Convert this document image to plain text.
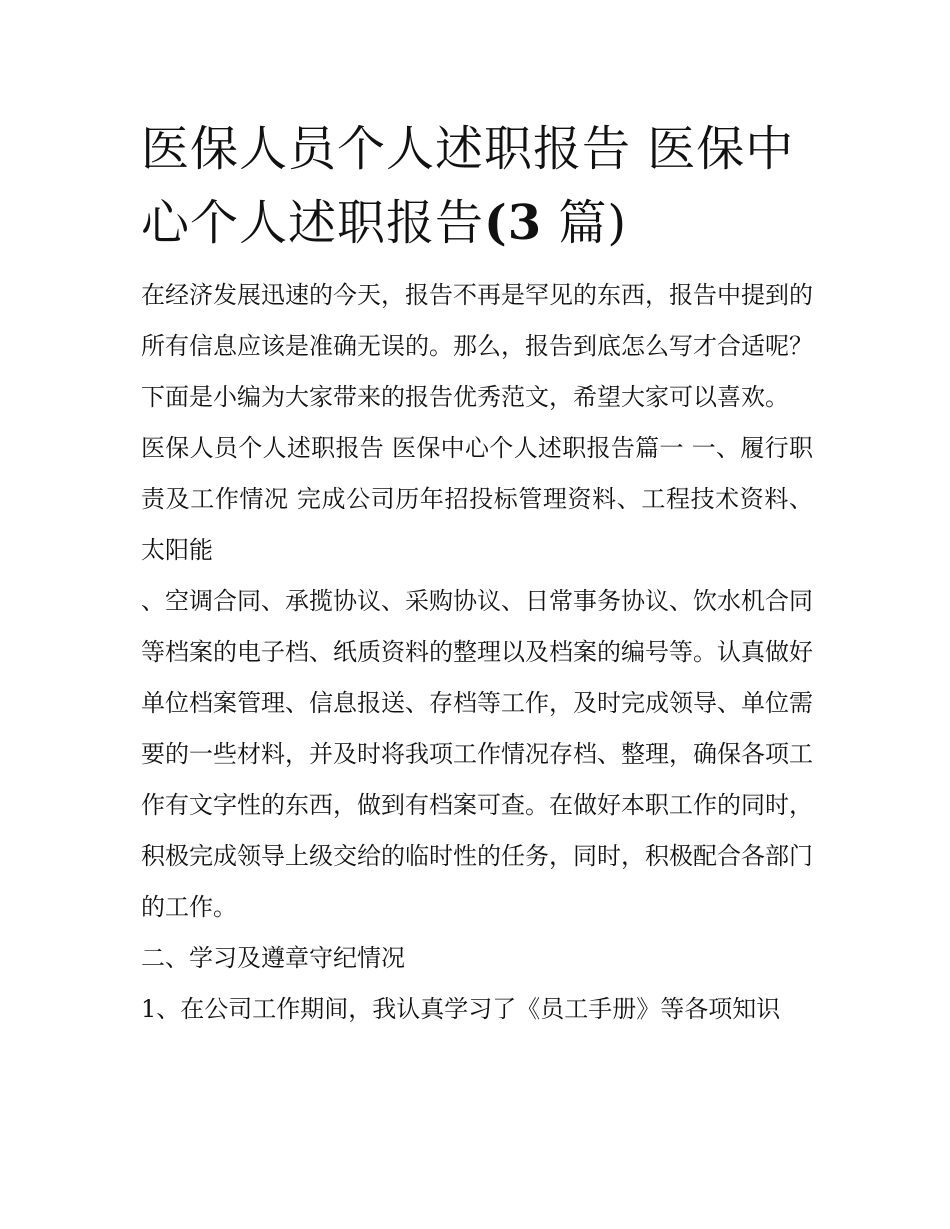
医保人员个人述职报告 医保中心个人述职报告(3 篇)

在经济发展迅速的今天，报告不再是罕见的东西，报告中提到的所有信息应该是准确无误的。那么，报告到底怎么写才合适呢？下面是小编为大家带来的报告优秀范文，希望大家可以喜欢。

医保人员个人述职报告 医保中心个人述职报告篇一 一、履行职责及工作情况 完成公司历年招投标管理资料、工程技术资料、太阳能

、空调合同、承揽协议、采购协议、日常事务协议、饮水机合同等档案的电子档、纸质资料的整理以及档案的编号等。认真做好单位档案管理、信息报送、存档等工作，及时完成领导、单位需要的一些材料，并及时将我项工作情况存档、整理，确保各项工作有文字性的东西，做到有档案可查。在做好本职工作的同时，积极完成领导上级交给的临时性的任务，同时，积极配合各部门的工作。

二、学习及遵章守纪情况

1、在公司工作期间，我认真学习了《员工手册》等各项知识
